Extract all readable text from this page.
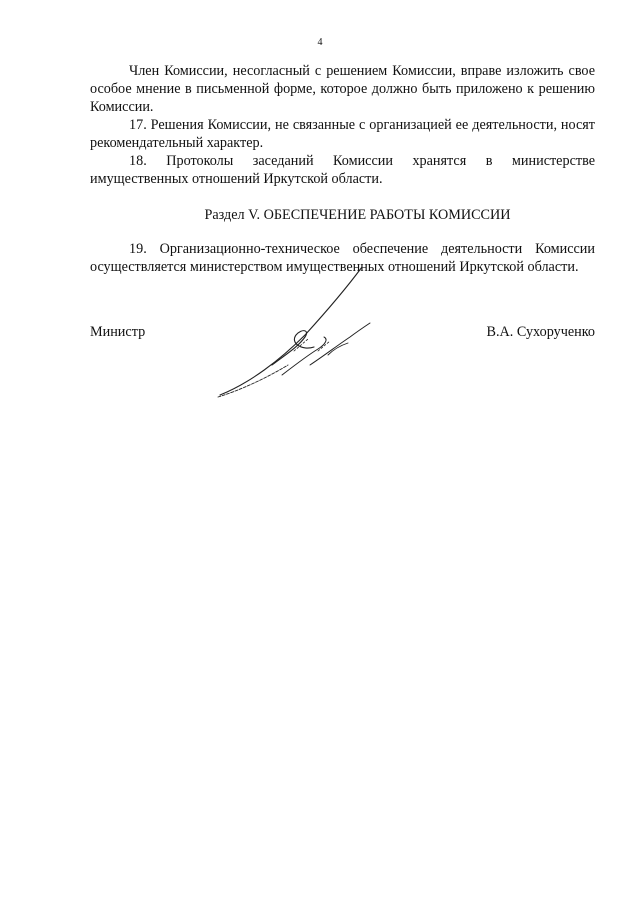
4

Член Комиссии, несогласный с решением Комиссии, вправе изложить свое особое мнение в письменной форме, которое должно быть приложено к решению Комиссии.

17. Решения Комиссии, не связанные с организацией ее деятельности, носят рекомендательный характер.

18. Протоколы заседаний Комиссии хранятся в министерстве имущественных отношений Иркутской области.

Раздел V. ОБЕСПЕЧЕНИЕ РАБОТЫ КОМИССИИ

19. Организационно-техническое обеспечение деятельности Комиссии осуществляется министерством имущественных отношений Иркутской области.

Министр	В.А. Сухорученко
